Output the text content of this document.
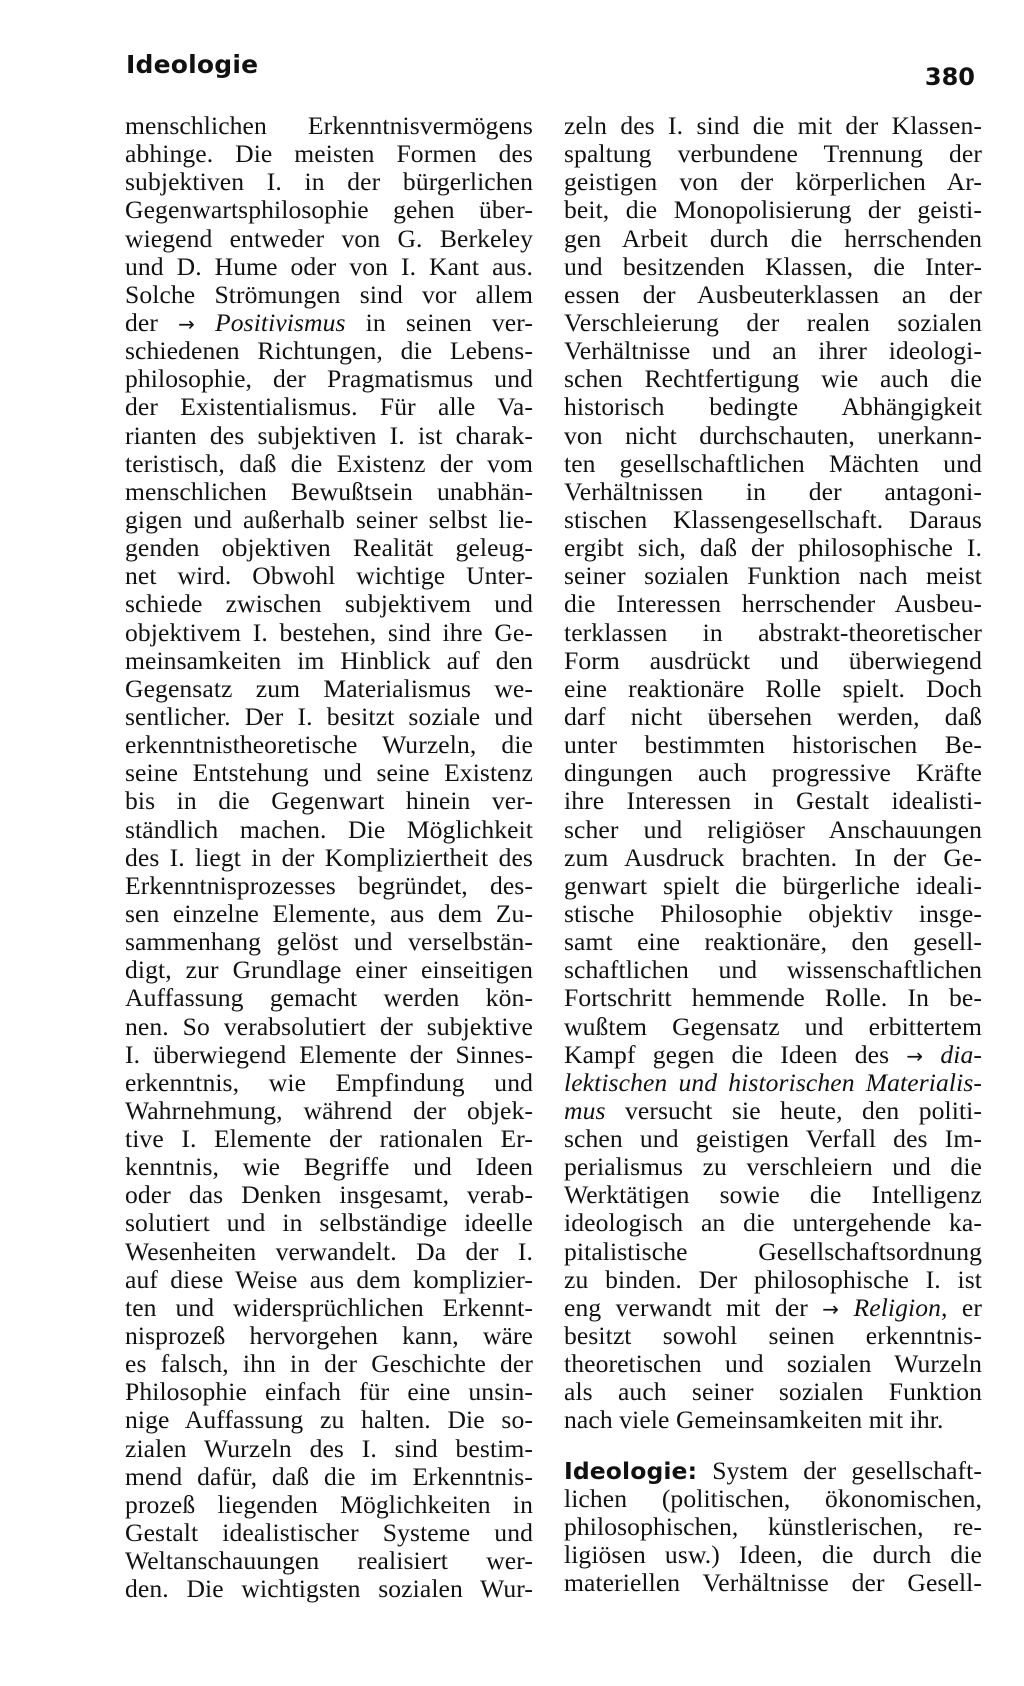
Ideologie	380
menschlichen Erkenntnisvermögens
abhinge. Die meisten Formen des
subjektiven I. in der bürgerlichen
Gegenwartsphilosophie gehen über-
wiegend entweder von G. Berkeley
und D. Hume oder von I. Kant aus.
Solche Strömungen sind vor allem
der → Positivismus in seinen ver-
schiedenen Richtungen, die Lebens-
philosophie, der Pragmatismus und
der Existentialismus. Für alle Va-
rianten des subjektiven I. ist charak-
teristisch, daß die Existenz der vom
menschlichen Bewußtsein unabhän-
gigen und außerhalb seiner selbst lie-
genden objektiven Realität geleug-
net wird. Obwohl wichtige Unter-
schiede zwischen subjektivem und
objektivem I. bestehen, sind ihre Ge-
meinsamkeiten im Hinblick auf den
Gegensatz zum Materialismus we-
sentlicher. Der I. besitzt soziale und
erkenntnistheoretische Wurzeln, die
seine Entstehung und seine Existenz
bis in die Gegenwart hinein ver-
ständlich machen. Die Möglichkeit
des I. liegt in der Kompliziertheit des
Erkenntnisprozesses begründet, des-
sen einzelne Elemente, aus dem Zu-
sammenhang gelöst und verselbstän-
digt, zur Grundlage einer einseitigen
Auffassung gemacht werden kön-
nen. So verabsolutiert der subjektive
I. überwiegend Elemente der Sinnes-
erkenntnis, wie Empfindung und
Wahrnehmung, während der objek-
tive I. Elemente der rationalen Er-
kenntnis, wie Begriffe und Ideen
oder das Denken insgesamt, verab-
solutiert und in selbständige ideelle
Wesenheiten verwandelt. Da der I.
auf diese Weise aus dem komplizier-
ten und widersprüchlichen Erkennt-
nisprozeß hervorgehen kann, wäre
es falsch, ihn in der Geschichte der
Philosophie einfach für eine unsin-
nige Auffassung zu halten. Die so-
zialen Wurzeln des I. sind bestim-
mend dafür, daß die im Erkenntnis-
prozeß liegenden Möglichkeiten in
Gestalt idealistischer Systeme und
Weltanschauungen realisiert wer-
den. Die wichtigsten sozialen Wur-
zeln des I. sind die mit der Klassen-
spaltung verbundene Trennung der
geistigen von der körperlichen Ar-
beit, die Monopolisierung der geisti-
gen Arbeit durch die herrschenden
und besitzenden Klassen, die Inter-
essen der Ausbeuterklassen an der
Verschleierung der realen sozialen
Verhältnisse und an ihrer ideologi-
schen Rechtfertigung wie auch die
historisch bedingte Abhängigkeit
von nicht durchschauten, unerkann-
ten gesellschaftlichen Mächten und
Verhältnissen in der antagoni-
stischen Klassengesellschaft. Daraus
ergibt sich, daß der philosophische I.
seiner sozialen Funktion nach meist
die Interessen herrschender Ausbeu-
terklassen in abstrakt-theoretischer
Form ausdrückt und überwiegend
eine reaktionäre Rolle spielt. Doch
darf nicht übersehen werden, daß
unter bestimmten historischen Be-
dingungen auch progressive Kräfte
ihre Interessen in Gestalt idealisti-
scher und religiöser Anschauungen
zum Ausdruck brachten. In der Ge-
genwart spielt die bürgerliche ideali-
stische Philosophie objektiv insge-
samt eine reaktionäre, den gesell-
schaftlichen und wissenschaftlichen
Fortschritt hemmende Rolle. In be-
wußtem Gegensatz und erbittertem
Kampf gegen die Ideen des → dia-
lektischen und historischen Materialis-
mus versucht sie heute, den politi-
schen und geistigen Verfall des Im-
perialismus zu verschleiern und die
Werktätigen sowie die Intelligenz
ideologisch an die untergehende ka-
pitalistische Gesellschaftsordnung
zu binden. Der philosophische I. ist
eng verwandt mit der → Religion, er
besitzt sowohl seinen erkenntnis-
theoretischen und sozialen Wurzeln
als auch seiner sozialen Funktion
nach viele Gemeinsamkeiten mit ihr.
Ideologie: System der gesellschaft-
lichen (politischen, ökonomischen,
philosophischen, künstlerischen, re-
ligiösen usw.) Ideen, die durch die
materiellen Verhältnisse der Gesell-
